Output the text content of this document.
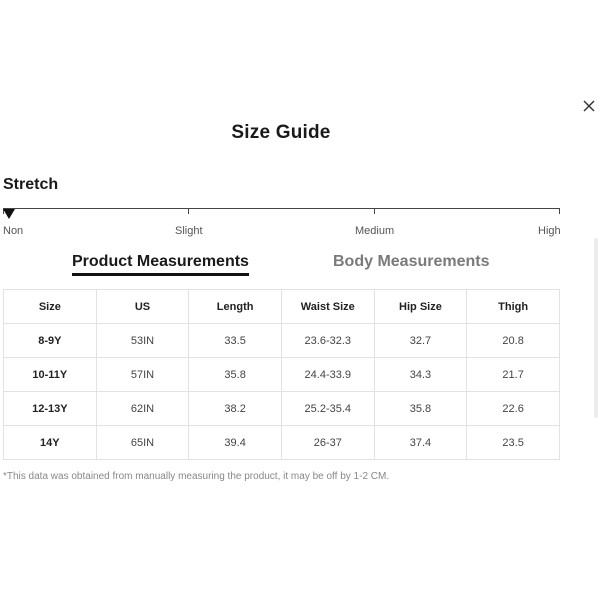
Size Guide
Stretch
Non	Slight	Medium	High
Product Measurements	Body Measurements
Size	US	Length	Waist Size	Hip Size	Thigh
8-9Y	53IN	33.5	23.6-32.3	32.7	20.8
10-11Y	57IN	35.8	24.4-33.9	34.3	21.7
12-13Y	62IN	38.2	25.2-35.4	35.8	22.6
14Y	65IN	39.4	26-37	37.4	23.5
*This data was obtained from manually measuring the product, it may be off by 1-2 CM.
